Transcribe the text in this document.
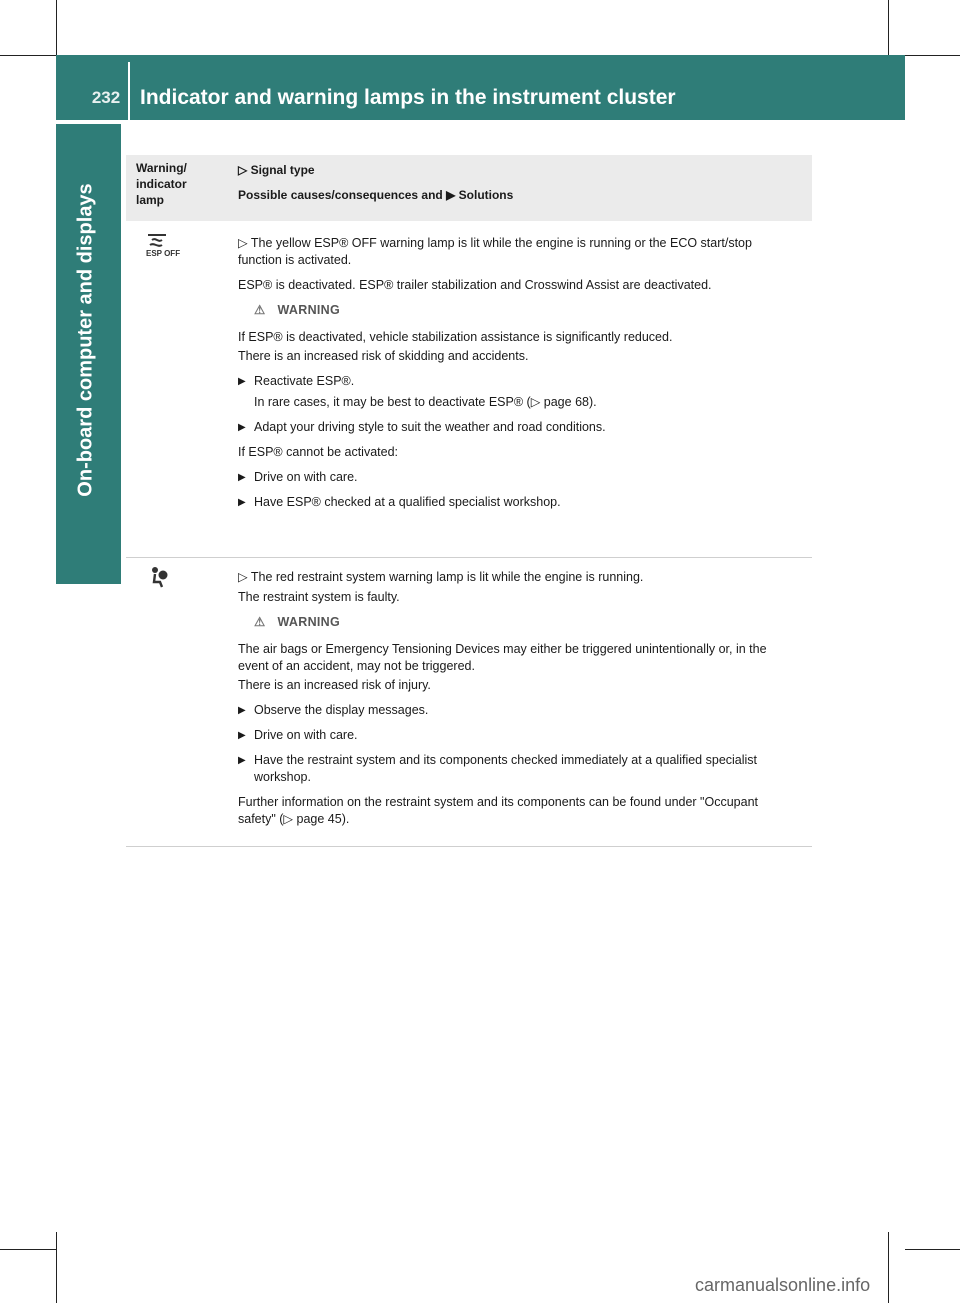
232 Indicator and warning lamps in the instrument cluster
On-board computer and displays
Warning/ indicator lamp
▷ Signal type
Possible causes/consequences and ▶ Solutions
ESP OFF

▷ The yellow ESP® OFF warning lamp is lit while the engine is running or the ECO start/stop function is activated.

ESP® is deactivated. ESP® trailer stabilization and Crosswind Assist are deactivated.

⚠ WARNING

If ESP® is deactivated, vehicle stabilization assistance is significantly reduced.

There is an increased risk of skidding and accidents.

▶ Reactivate ESP®.
In rare cases, it may be best to deactivate ESP® (▷ page 68).

▶ Adapt your driving style to suit the weather and road conditions.

If ESP® cannot be activated:

▶ Drive on with care.

▶ Have ESP® checked at a qualified specialist workshop.

▷ The red restraint system warning lamp is lit while the engine is running.

The restraint system is faulty.

⚠ WARNING

The air bags or Emergency Tensioning Devices may either be triggered unintentionally or, in the event of an accident, may not be triggered.

There is an increased risk of injury.

▶ Observe the display messages.

▶ Drive on with care.

▶ Have the restraint system and its components checked immediately at a qualified specialist workshop.

Further information on the restraint system and its components can be found under "Occupant safety" (▷ page 45).

carmanualsonline.info
